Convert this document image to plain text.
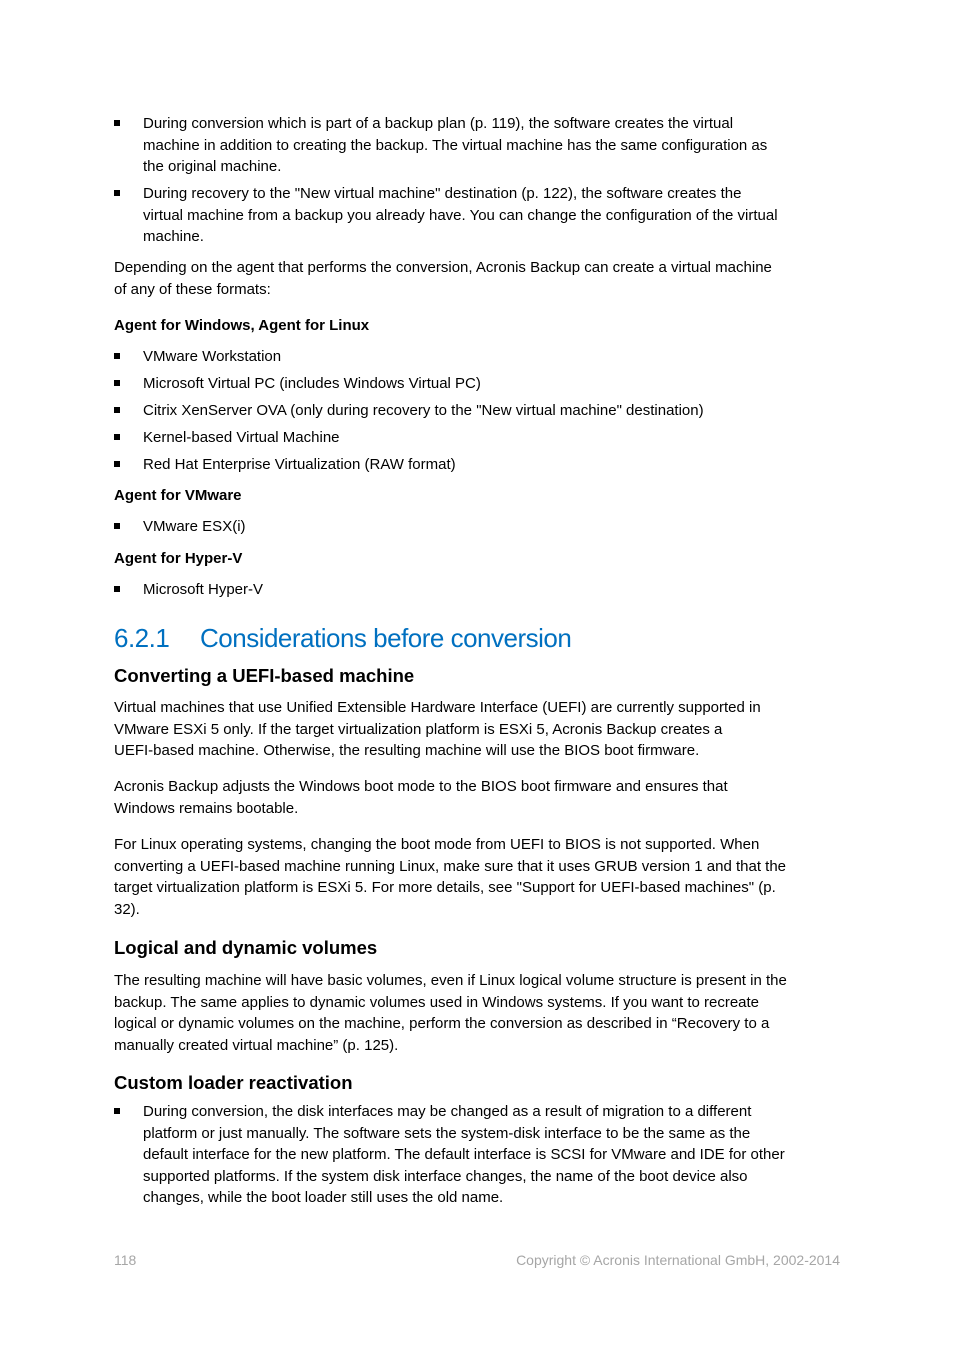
During conversion which is part of a backup plan (p. 119), the software creates the virtual
machine in addition to creating the backup. The virtual machine has the same configuration as
the original machine.
During recovery to the "New virtual machine" destination (p. 122), the software creates the
virtual machine from a backup you already have. You can change the configuration of the virtual
machine.
Depending on the agent that performs the conversion, Acronis Backup can create a virtual machine
of any of these formats:
Agent for Windows, Agent for Linux
VMware Workstation
Microsoft Virtual PC (includes Windows Virtual PC)
Citrix XenServer OVA (only during recovery to the "New virtual machine" destination)
Kernel-based Virtual Machine
Red Hat Enterprise Virtualization (RAW format)
Agent for VMware
VMware ESX(i)
Agent for Hyper-V
Microsoft Hyper-V
6.2.1 Considerations before conversion
Converting a UEFI-based machine
Virtual machines that use Unified Extensible Hardware Interface (UEFI) are currently supported in
VMware ESXi 5 only. If the target virtualization platform is ESXi 5, Acronis Backup creates a
UEFI-based machine. Otherwise, the resulting machine will use the BIOS boot firmware.
Acronis Backup adjusts the Windows boot mode to the BIOS boot firmware and ensures that
Windows remains bootable.
For Linux operating systems, changing the boot mode from UEFI to BIOS is not supported. When
converting a UEFI-based machine running Linux, make sure that it uses GRUB version 1 and that the
target virtualization platform is ESXi 5. For more details, see "Support for UEFI-based machines" (p.
32).
Logical and dynamic volumes
The resulting machine will have basic volumes, even if Linux logical volume structure is present in the
backup. The same applies to dynamic volumes used in Windows systems. If you want to recreate
logical or dynamic volumes on the machine, perform the conversion as described in “Recovery to a
manually created virtual machine” (p. 125).
Custom loader reactivation
During conversion, the disk interfaces may be changed as a result of migration to a different
platform or just manually. The software sets the system-disk interface to be the same as the
default interface for the new platform. The default interface is SCSI for VMware and IDE for other
supported platforms. If the system disk interface changes, the name of the boot device also
changes, while the boot loader still uses the old name.
118	Copyright © Acronis International GmbH, 2002-2014
